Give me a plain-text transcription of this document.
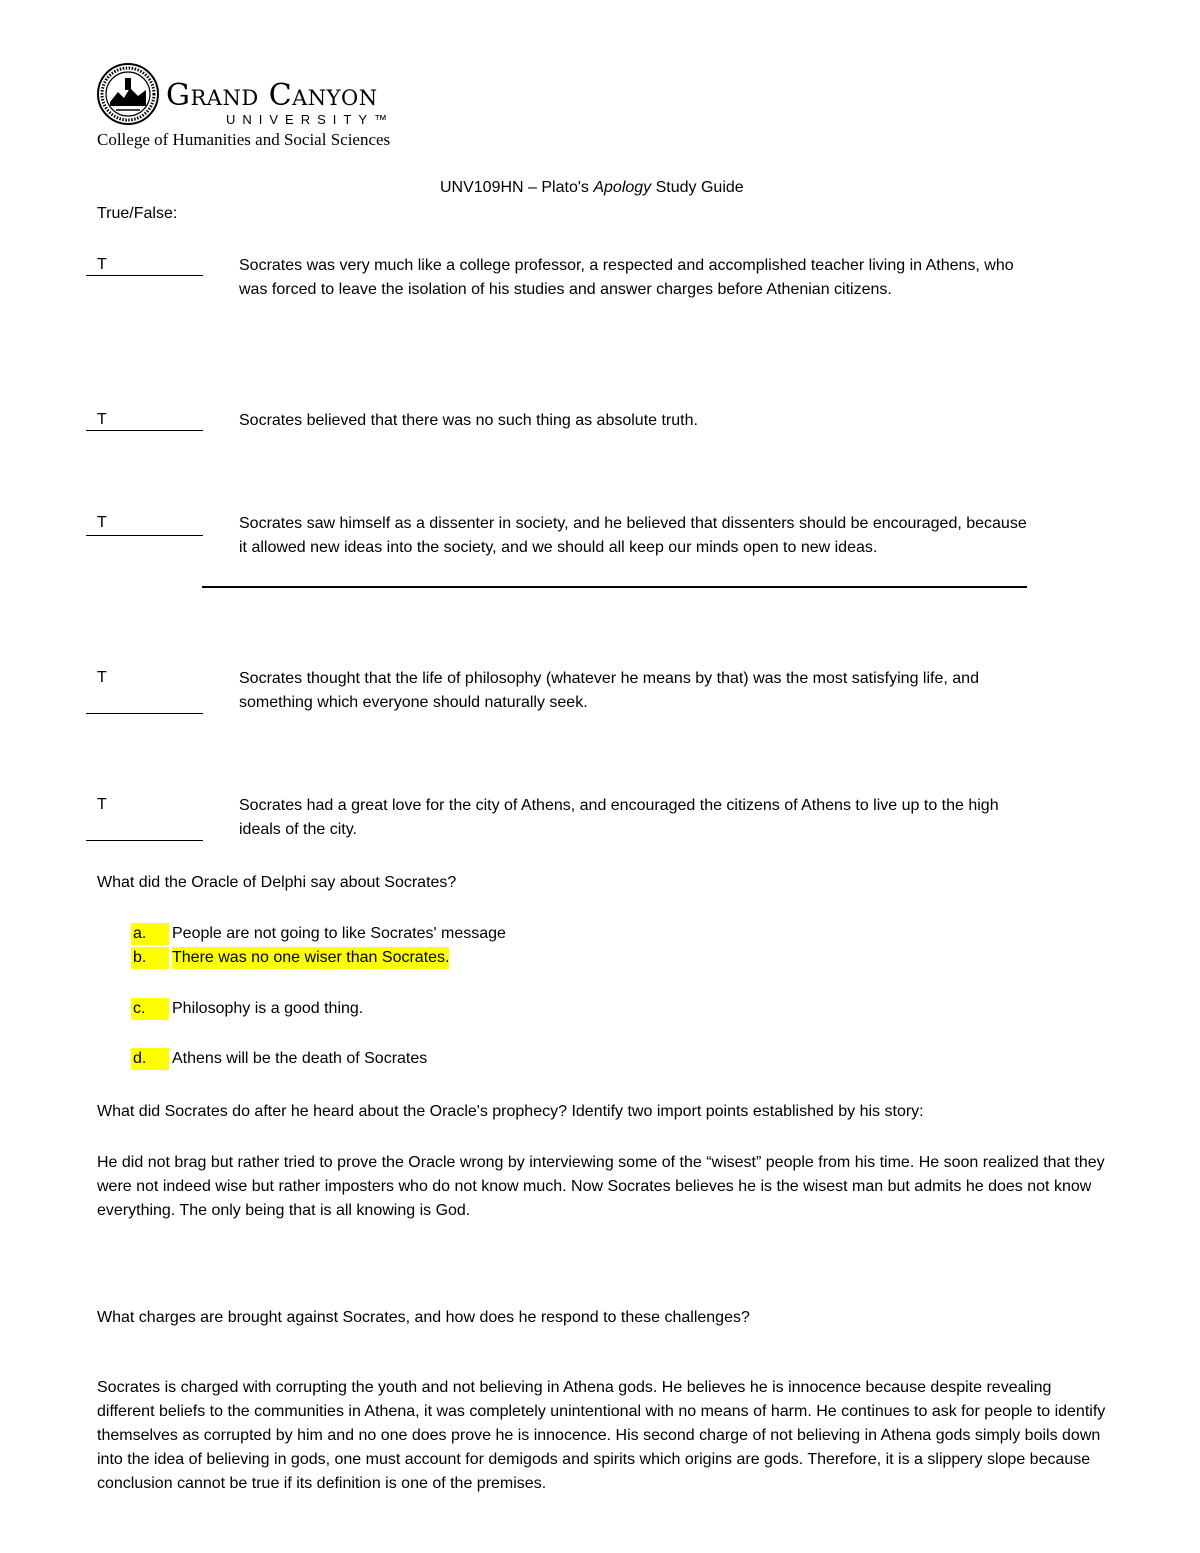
Grand Canyon
UNIVERSITY™
College of Humanities and Social Sciences
UNV109HN – Plato's Apology Study Guide
True/False:
T	Socrates was very much like a college professor, a respected and accomplished teacher living in Athens, who was forced to leave the isolation of his studies and answer charges before Athenian citizens.
T	Socrates believed that there was no such thing as absolute truth.
T	Socrates saw himself as a dissenter in society, and he believed that dissenters should be encouraged, because it allowed new ideas into the society, and we should all keep our minds open to new ideas.
T	Socrates thought that the life of philosophy (whatever he means by that) was the most satisfying life, and something which everyone should naturally seek.
T	Socrates had a great love for the city of Athens, and encouraged the citizens of Athens to live up to the high ideals of the city.
What did the Oracle of Delphi say about Socrates?
a.	People are not going to like Socrates' message
b.	There was no one wiser than Socrates.
c.	Philosophy is a good thing.
d.	Athens will be the death of Socrates
What did Socrates do after he heard about the Oracle's prophecy? Identify two import points established by his story:
He did not brag but rather tried to prove the Oracle wrong by interviewing some of the “wisest” people from his time. He soon realized that they were not indeed wise but rather imposters who do not know much. Now Socrates believes he is the wisest man but admits he does not know everything. The only being that is all knowing is God.
What charges are brought against Socrates, and how does he respond to these challenges?
Socrates is charged with corrupting the youth and not believing in Athena gods. He believes he is innocence because despite revealing different beliefs to the communities in Athena, it was completely unintentional with no means of harm. He continues to ask for people to identify themselves as corrupted by him and no one does prove he is innocence. His second charge of not believing in Athena gods simply boils down into the idea of believing in gods, one must account for demigods and spirits which origins are gods. Therefore, it is a slippery slope because conclusion cannot be true if its definition is one of the premises.
